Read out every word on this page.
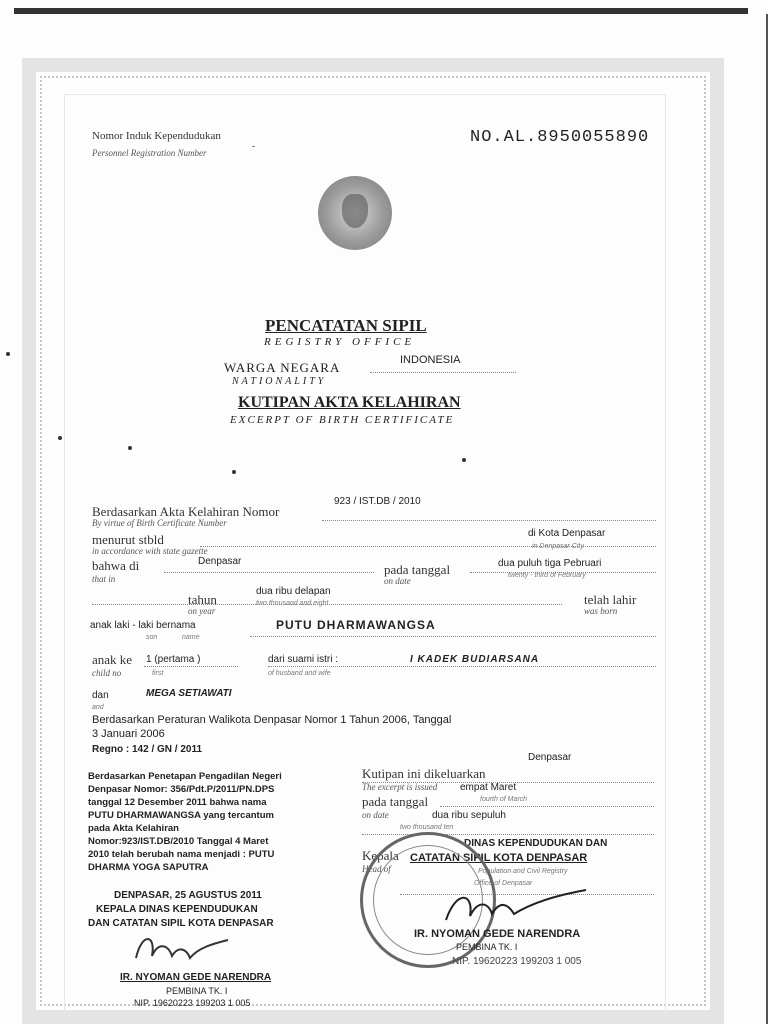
Nomor Induk Kependudukan
Personnel Registration Number
NO.AL.8950055890
PENCATATAN SIPIL
REGISTRY OFFICE
WARGA NEGARA	INDONESIA
NATIONALITY
KUTIPAN AKTA KELAHIRAN
EXCERPT OF BIRTH CERTIFICATE
Berdasarkan Akta Kelahiran Nomor
By virtue of Birth Certificate Number
923 / IST.DB / 2010
menurut stbld
in accordance with state gazette
di Kota Denpasar
in Denpasar City
bahwa di
that in
Denpasar
pada tanggal
on date
dua puluh tiga Pebruari
twenty - third of February
dua ribu delapan
two thousand and eight
tahun
on year
telah lahir
was born
anak laki - laki bernama
son	name
PUTU DHARMAWANGSA
anak ke
child no
1 (pertama )
first
dari suami istri :
of husband and wife
I KADEK BUDIARSANA
dan
and
MEGA SETIAWATI
Berdasarkan Peraturan Walikota Denpasar Nomor 1 Tahun 2006, Tanggal
3 Januari 2006
Regno : 142 / GN / 2011
Berdasarkan Penetapan Pengadilan Negeri
Denpasar Nomor: 356/Pdt.P/2011/PN.DPS
tanggal 12 Desember 2011 bahwa nama
PUTU DHARMAWANGSA yang tercantum
pada Akta Kelahiran
Nomor:923/IST.DB/2010 Tanggal 4 Maret
2010 telah berubah nama menjadi : PUTU
DHARMA YOGA SAPUTRA
DENPASAR, 25 AGUSTUS 2011
KEPALA DINAS KEPENDUDUKAN
DAN CATATAN SIPIL KOTA DENPASAR
IR. NYOMAN GEDE NARENDRA
PEMBINA TK. I
NIP. 19620223 199203 1 005
Denpasar
Kutipan ini dikeluarkan
The excerpt is issued
pada tanggal
on date
empat Maret
fourth of March
dua ribu sepuluh
two thousand ten
DINAS KEPENDUDUKAN DAN
Kepala
Head of
CATATAN SIPIL KOTA DENPASAR
Population and Civil Registry
Office of Denpasar
IR. NYOMAN GEDE NARENDRA
PEMBINA TK. I
NIP. 19620223 199203 1 005
